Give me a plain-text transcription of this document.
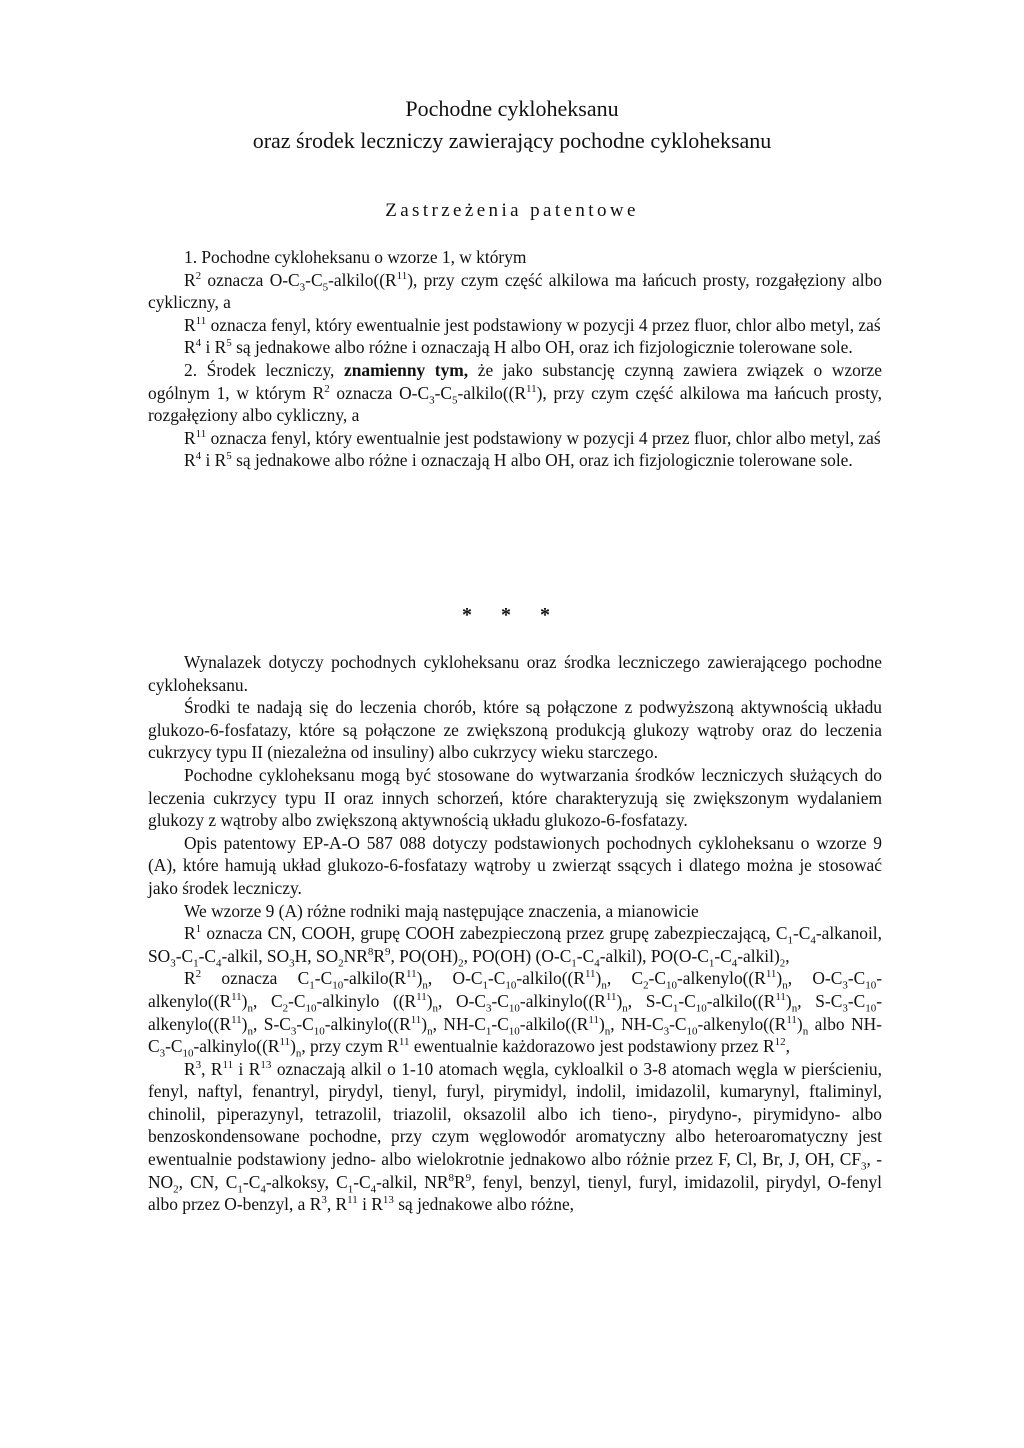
Pochodne cykloheksanu
oraz środek leczniczy zawierający pochodne cykloheksanu
Zastrzeżenia patentowe

1. Pochodne cykloheksanu o wzorze 1, w którym

$R^2$ oznacza $O-C_3-C_5-alkilo((R^{11})$, przy czym część alkilowa ma łańcuch prosty, rozgałęziony albo cykliczny, a

$R^{11}$ oznacza fenyl, który ewentualnie jest podstawiony w pozycji 4 przez fluor, chlor albo metyl, zaś

$R^4$ i $R^5$ są jednakowe albo różne i oznaczają H albo OH, oraz ich fizjologicznie tolerowane sole.

2. Środek leczniczy, znamienny tym, że jako substancję czynną zawiera związek o wzorze ogólnym 1, w którym $R^2$ oznacza $O-C_3-C_5-alkilo((R^{11})$, przy czym część alkilowa ma łańcuch prosty, rozgałęziony albo cykliczny, a

$R^{11}$ oznacza fenyl, który ewentualnie jest podstawiony w pozycji 4 przez fluor, chlor albo metyl, zaś

$R^4$ i $R^5$ są jednakowe albo różne i oznaczają H albo OH, oraz ich fizjologicznie tolerowane sole.

* * *

Wynalazek dotyczy pochodnych cykloheksanu oraz środka leczniczego zawierającego pochodne cykloheksanu.

Środki te nadają się do leczenia chorób, które są połączone z podwyższoną aktywnością układu glukozo-6-fosfatazy, które są połączone ze zwiększoną produkcją glukozy wątroby oraz do leczenia cukrzycy typu II (niezależna od insuliny) albo cukrzycy wieku starczego.

Pochodne cykloheksanu mogą być stosowane do wytwarzania środków leczniczych służących do leczenia cukrzycy typu II oraz innych schorzeń, które charakteryzują się zwiększonym wydalaniem glukozy z wątroby albo zwiększoną aktywnością układu glukozo-6-fosfatazy.

Opis patentowy EP-A-O 587 088 dotyczy podstawionych pochodnych cykloheksanu o wzorze 9 (A), które hamują układ glukozo-6-fosfatazy wątroby u zwierząt ssących i dlatego można je stosować jako środek leczniczy.

We wzorze 9 (A) różne rodniki mają następujące znaczenia, a mianowicie

$R^1$ oznacza CN, COOH, grupę COOH zabezpieczoną przez grupę zabezpieczającą, $C_1-C_4$-alkanoil, $SO_3-C_1-C_4$-alkil, $SO_3H$, $SO_2NR^8R^9$, $PO(OH)_2$, PO(OH) $(O-C_1-C_4-alkil)$, $PO(O-C_1-C_4-alkil)_2$,

$R^2$ oznacza $C_1-C_{10}-alkilo(R^{11})_n$, $O-C_1-C_{10}-alkilo((R^{11})_n$, $C_2-C_{10}-alkenylo((R^{11})_n$, $O-C_3-C_{10}-alkenylo((R^{11})_n$, $C_2-C_{10}$-alkinylo ($(R^{11})_n$, $O-C_3-C_{10}-alkinylo((R^{11})_n$, $S-C_1-C_{10}-alkilo((R^{11})_n$, $S-C_3-C_{10}-alkenylo((R^{11})_n$, $S-C_3-C_{10}-alkinylo((R^{11})_n$, $NH-C_1-C_{10}-alkilo((R^{11})_n$, $NH-C_3-C_{10}-alkenylo((R^{11})_n$ albo $NH-C_3-C_{10}-alkinylo((R^{11})_n$, przy czym $R^{11}$ ewentualnie każdorazowo jest podstawiony przez $R^{12}$,

$R^3$, $R^{11}$ i $R^{13}$ oznaczają alkil o 1-10 atomach węgla, cykloalkil o 3-8 atomach węgla w pierścieniu, fenyl, naftyl, fenantryl, pirydyl, tienyl, furyl, pirymidyl, indolil, imidazolil, kumarynyl, ftaliminyl, chinolil, piperazynyl, tetrazolil, triazolil, oksazolil albo ich tieno-, pirydyno-, pirymidyno- albo benzoskondensowane pochodne, przy czym węglowodór aromatyczny albo heteroaromatyczny jest ewentualnie podstawiony jedno- albo wielokrotnie jednakowo albo różnie przez F, Cl, Br, J, OH, $CF_3$, $-NO_2$, CN, $C_1-C_4$-alkoksy, $C_1-C_4$-alkil, $NR^8R^9$, fenyl, benzyl, tienyl, furyl, imidazolil, pirydyl, O-fenyl albo przez O-benzyl, a $R^3$, $R^{11}$ i $R^{13}$ są jednakowe albo różne,
